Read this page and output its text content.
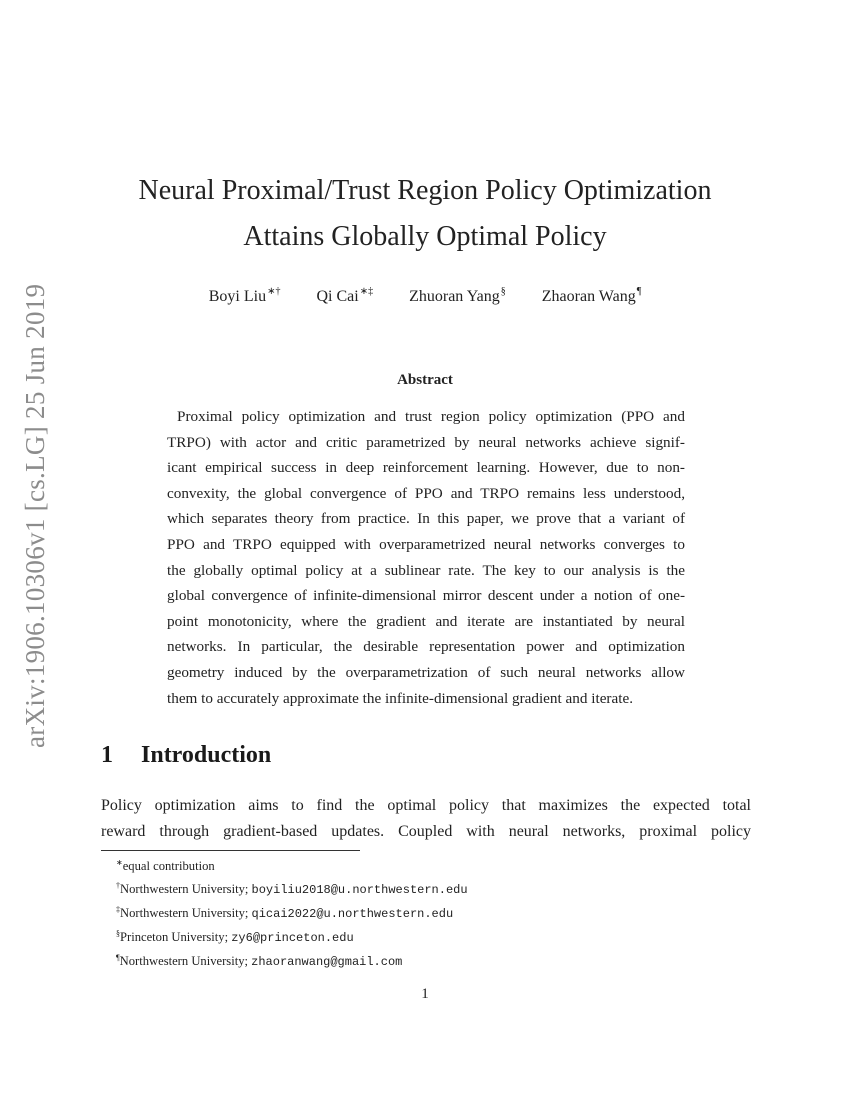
arXiv:1906.10306v1 [cs.LG] 25 Jun 2019
Neural Proximal/Trust Region Policy Optimization
Attains Globally Optimal Policy
Boyi Liu∗† Qi Cai∗‡ Zhuoran Yang§ Zhaoran Wang¶
Abstract
Proximal policy optimization and trust region policy optimization (PPO and
TRPO) with actor and critic parametrized by neural networks achieve signif-
icant empirical success in deep reinforcement learning. However, due to non-
convexity, the global convergence of PPO and TRPO remains less understood,
which separates theory from practice. In this paper, we prove that a variant of
PPO and TRPO equipped with overparametrized neural networks converges to
the globally optimal policy at a sublinear rate. The key to our analysis is the
global convergence of infinite-dimensional mirror descent under a notion of one-
point monotonicity, where the gradient and iterate are instantiated by neural
networks. In particular, the desirable representation power and optimization
geometry induced by the overparametrization of such neural networks allow
them to accurately approximate the infinite-dimensional gradient and iterate.
1 Introduction
Policy optimization aims to find the optimal policy that maximizes the expected total
reward through gradient-based updates. Coupled with neural networks, proximal policy
∗equal contribution
†Northwestern University; boyiliu2018@u.northwestern.edu
‡Northwestern University; qicai2022@u.northwestern.edu
§Princeton University; zy6@princeton.edu
¶Northwestern University; zhaoranwang@gmail.com
1
